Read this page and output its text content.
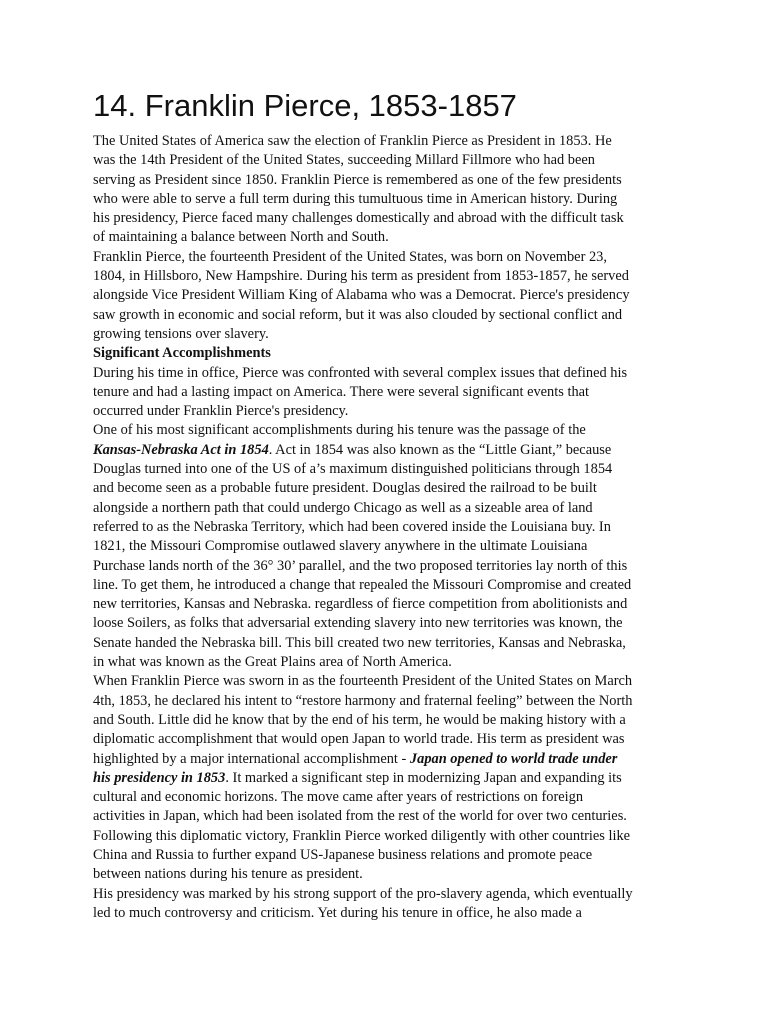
14. Franklin Pierce, 1853-1857
The United States of America saw the election of Franklin Pierce as President in 1853. He
was the 14th President of the United States, succeeding Millard Fillmore who had been
serving as President since 1850. Franklin Pierce is remembered as one of the few presidents
who were able to serve a full term during this tumultuous time in American history. During
his presidency, Pierce faced many challenges domestically and abroad with the difficult task
of maintaining a balance between North and South.
Franklin Pierce, the fourteenth President of the United States, was born on November 23,
1804, in Hillsboro, New Hampshire. During his term as president from 1853-1857, he served
alongside Vice President William King of Alabama who was a Democrat. Pierce's presidency
saw growth in economic and social reform, but it was also clouded by sectional conflict and
growing tensions over slavery.
Significant Accomplishments
During his time in office, Pierce was confronted with several complex issues that defined his
tenure and had a lasting impact on America. There were several significant events that
occurred under Franklin Pierce's presidency.
One of his most significant accomplishments during his tenure was the passage of the
Kansas-Nebraska Act in 1854. Act in 1854 was also known as the “Little Giant,” because
Douglas turned into one of the US of a’s maximum distinguished politicians through 1854
and become seen as a probable future president. Douglas desired the railroad to be built
alongside a northern path that could undergo Chicago as well as a sizeable area of land
referred to as the Nebraska Territory, which had been covered inside the Louisiana buy. In
1821, the Missouri Compromise outlawed slavery anywhere in the ultimate Louisiana
Purchase lands north of the 36° 30’ parallel, and the two proposed territories lay north of this
line. To get them, he introduced a change that repealed the Missouri Compromise and created
new territories, Kansas and Nebraska. regardless of fierce competition from abolitionists and
loose Soilers, as folks that adversarial extending slavery into new territories was known, the
Senate handed the Nebraska bill. This bill created two new territories, Kansas and Nebraska,
in what was known as the Great Plains area of North America.
When Franklin Pierce was sworn in as the fourteenth President of the United States on March
4th, 1853, he declared his intent to “restore harmony and fraternal feeling” between the North
and South. Little did he know that by the end of his term, he would be making history with a
diplomatic accomplishment that would open Japan to world trade. His term as president was
highlighted by a major international accomplishment - Japan opened to world trade under
his presidency in 1853. It marked a significant step in modernizing Japan and expanding its
cultural and economic horizons. The move came after years of restrictions on foreign
activities in Japan, which had been isolated from the rest of the world for over two centuries.
Following this diplomatic victory, Franklin Pierce worked diligently with other countries like
China and Russia to further expand US-Japanese business relations and promote peace
between nations during his tenure as president.
His presidency was marked by his strong support of the pro-slavery agenda, which eventually
led to much controversy and criticism. Yet during his tenure in office, he also made a
